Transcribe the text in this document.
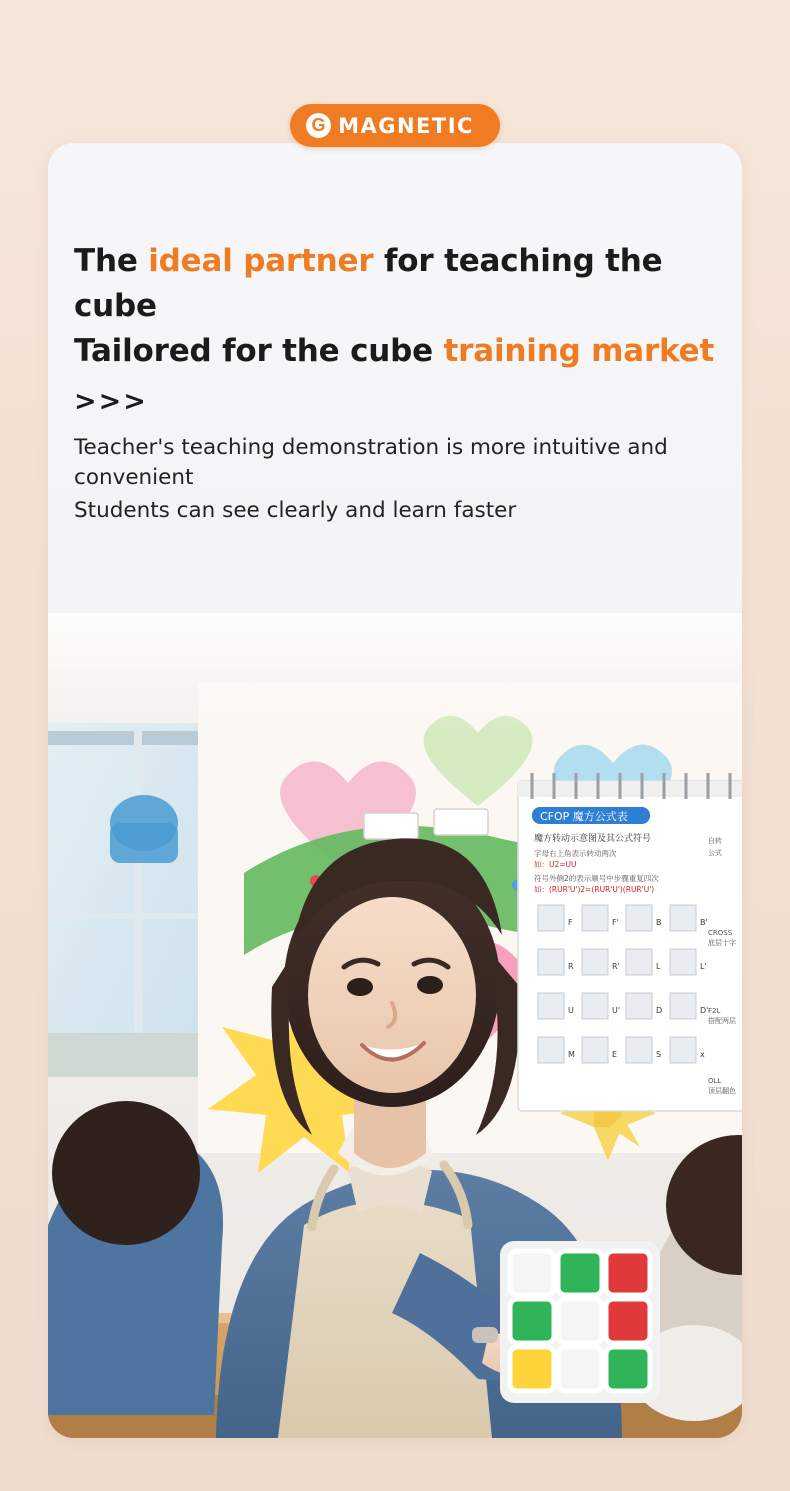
G MAGNETIC
The ideal partner for teaching the cube
Tailored for the cube training market
>>>

Teacher's teaching demonstration is more intuitive and convenient

Students can see clearly and learn faster

CFOP 魔方公式表
魔方转动示意图及其公式符号
字母右上角表示转动两次
如：U2=UU
符号外侧2的表示顺号中步骤重复四次
如：(RUR'U')2=(RUR'U')(RUR'U')
F	F'	B	B'
R	R'	L	L'
U	U'	D	D'
M	E	S	x
自转
公式
CROSS
底层十字
F2L
搭配两层
OLL
顶层翻色
